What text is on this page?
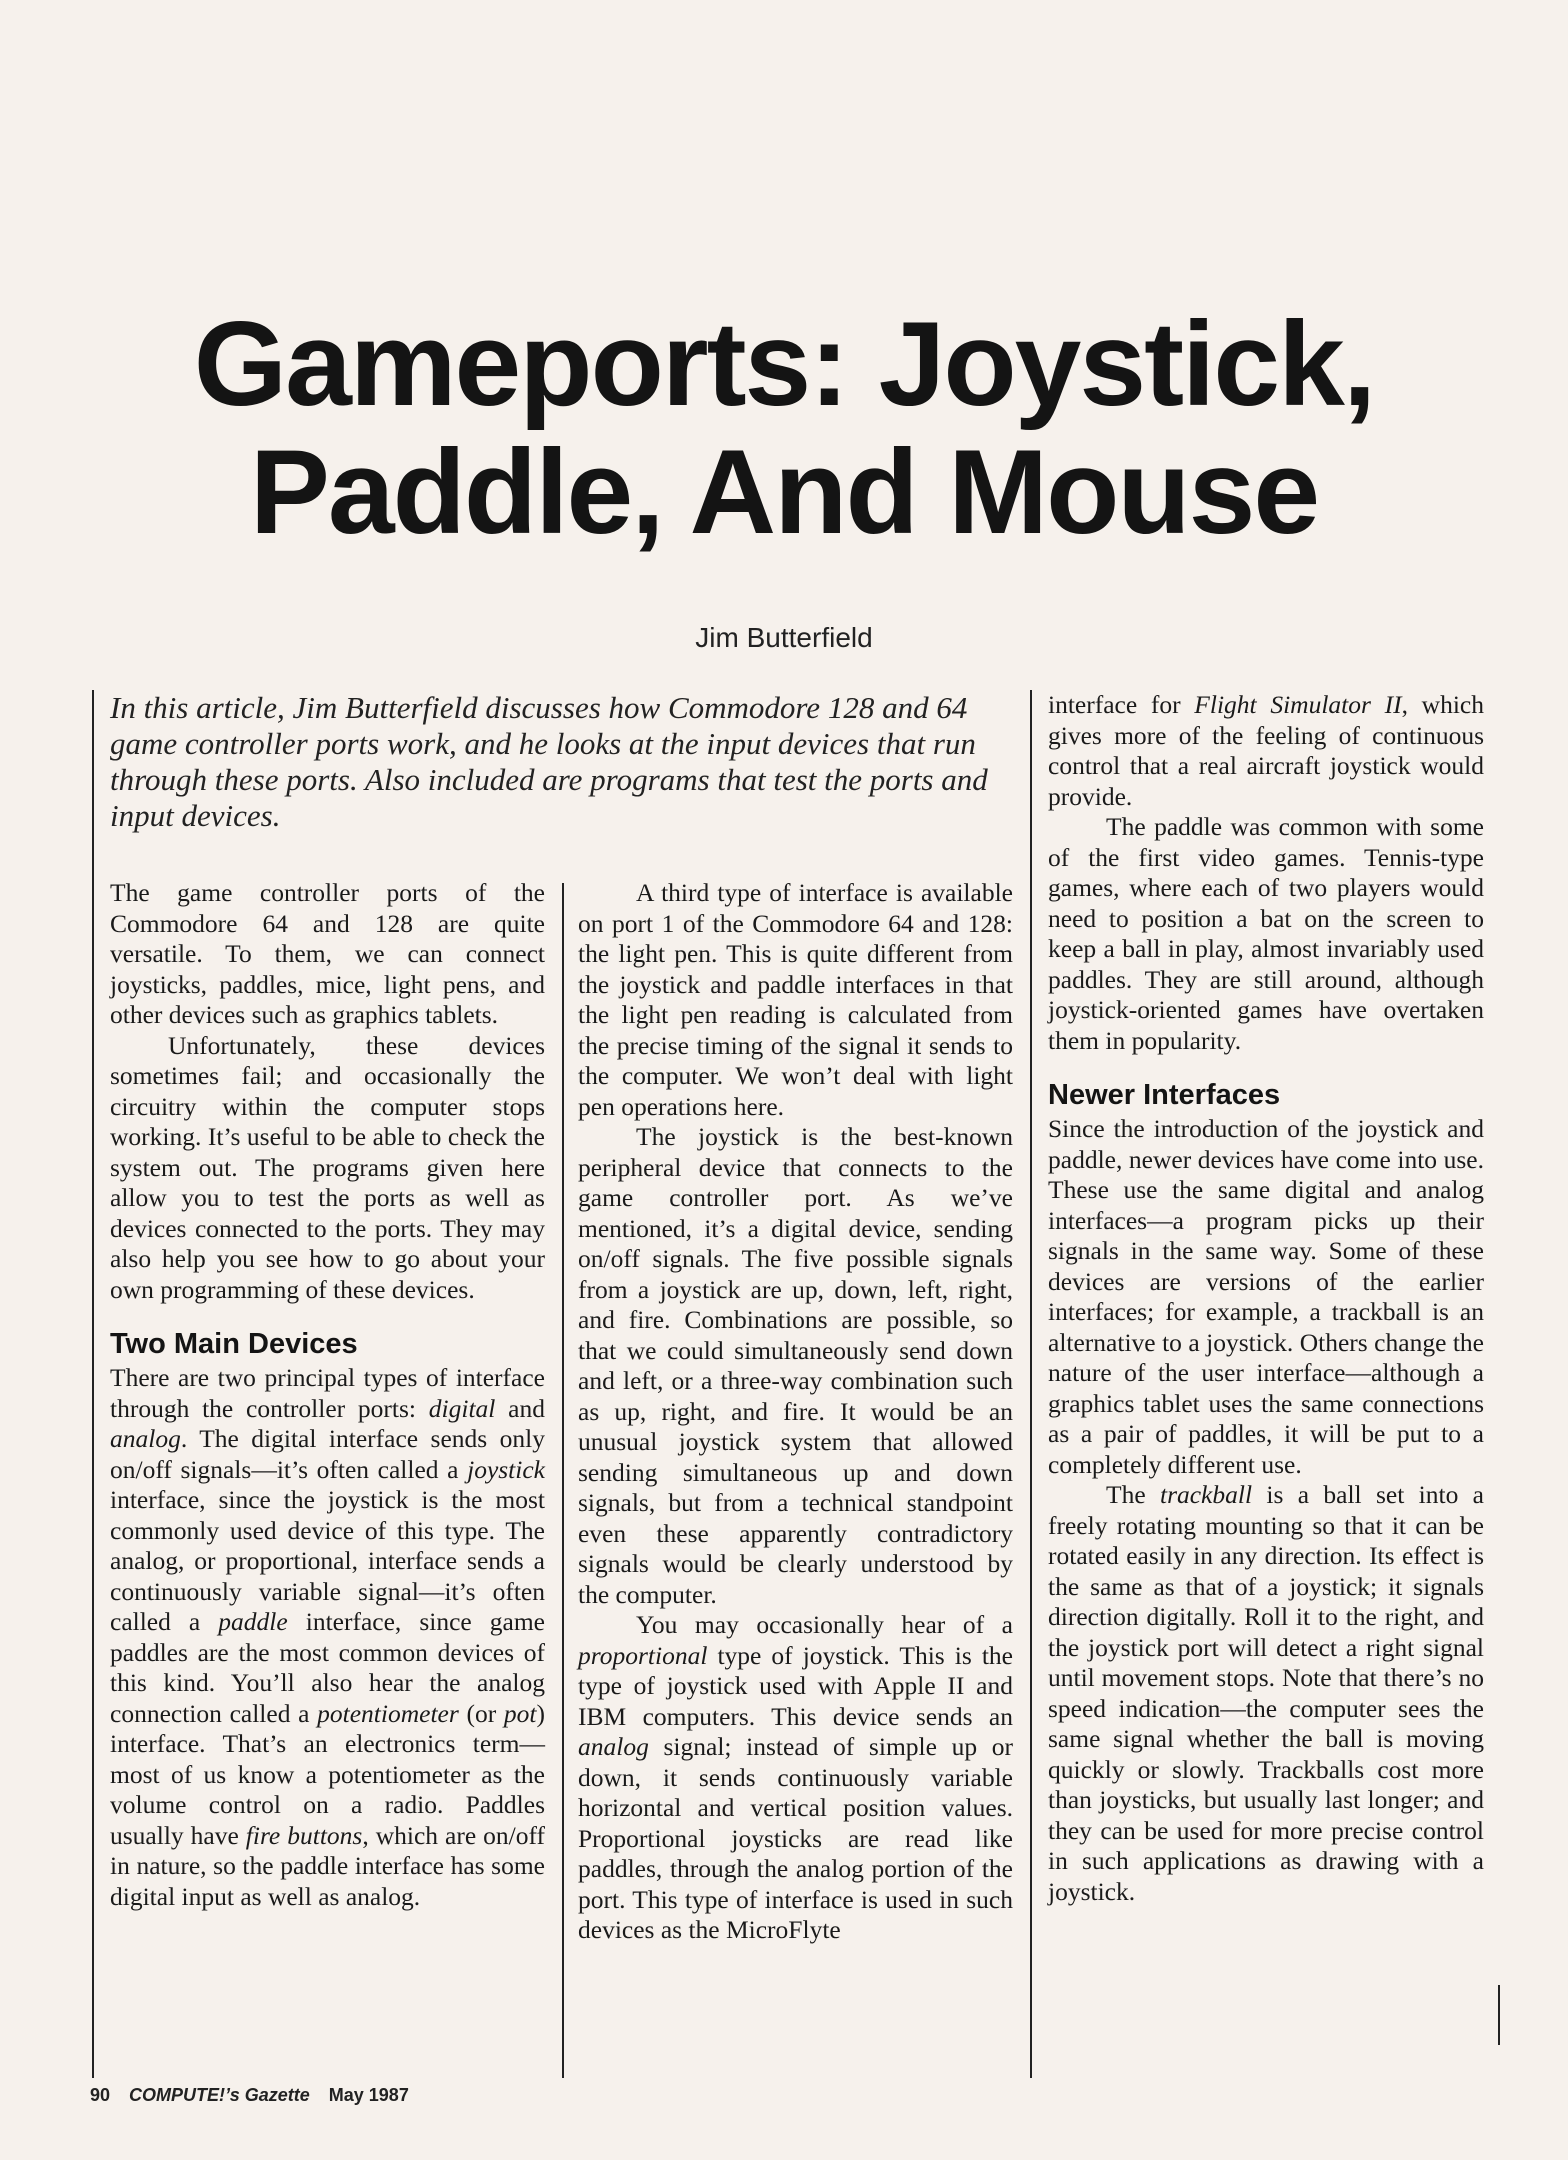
Gameports: Joystick,
Paddle, And Mouse
Jim Butterfield

In this article, Jim Butterfield discusses how Commodore 128 and 64 game controller ports work, and he looks at the input devices that run through these ports. Also included are programs that test the ports and input devices.

The game controller ports of the Commodore 64 and 128 are quite versatile. To them, we can connect joysticks, paddles, mice, light pens, and other devices such as graphics tablets.

Unfortunately, these devices sometimes fail; and occasionally the circuitry within the computer stops working. It’s useful to be able to check the system out. The programs given here allow you to test the ports as well as devices connected to the ports. They may also help you see how to go about your own programming of these devices.

Two Main Devices

There are two principal types of interface through the controller ports: digital and analog. The digital interface sends only on/off signals—it’s often called a joystick interface, since the joystick is the most commonly used device of this type. The analog, or proportional, interface sends a continuously variable signal—it’s often called a paddle interface, since game paddles are the most common devices of this kind. You’ll also hear the analog connection called a potentiometer (or pot) interface. That’s an electronics term—most of us know a potentiometer as the volume control on a radio. Paddles usually have fire buttons, which are on/off in nature, so the paddle interface has some digital input as well as analog.

A third type of interface is available on port 1 of the Commodore 64 and 128: the light pen. This is quite different from the joystick and paddle interfaces in that the light pen reading is calculated from the precise timing of the signal it sends to the computer. We won’t deal with light pen operations here.

The joystick is the best-known peripheral device that connects to the game controller port. As we’ve mentioned, it’s a digital device, sending on/off signals. The five possible signals from a joystick are up, down, left, right, and fire. Combinations are possible, so that we could simultaneously send down and left, or a three-way combination such as up, right, and fire. It would be an unusual joystick system that allowed sending simultaneous up and down signals, but from a technical standpoint even these apparently contradictory signals would be clearly understood by the computer.

You may occasionally hear of a proportional type of joystick. This is the type of joystick used with Apple II and IBM computers. This device sends an analog signal; instead of simple up or down, it sends continuously variable horizontal and vertical position values. Proportional joysticks are read like paddles, through the analog portion of the port. This type of interface is used in such devices as the MicroFlyte

interface for Flight Simulator II, which gives more of the feeling of continuous control that a real aircraft joystick would provide.

The paddle was common with some of the first video games. Tennis-type games, where each of two players would need to position a bat on the screen to keep a ball in play, almost invariably used paddles. They are still around, although joystick-oriented games have overtaken them in popularity.

Newer Interfaces

Since the introduction of the joystick and paddle, newer devices have come into use. These use the same digital and analog interfaces—a program picks up their signals in the same way. Some of these devices are versions of the earlier interfaces; for example, a trackball is an alternative to a joystick. Others change the nature of the user interface—although a graphics tablet uses the same connections as a pair of paddles, it will be put to a completely different use.

The trackball is a ball set into a freely rotating mounting so that it can be rotated easily in any direction. Its effect is the same as that of a joystick; it signals direction digitally. Roll it to the right, and the joystick port will detect a right signal until movement stops. Note that there’s no speed indication—the computer sees the same signal whether the ball is moving quickly or slowly. Trackballs cost more than joysticks, but usually last longer; and they can be used for more precise control in such applications as drawing with a joystick.

90 COMPUTE!’s Gazette May 1987
